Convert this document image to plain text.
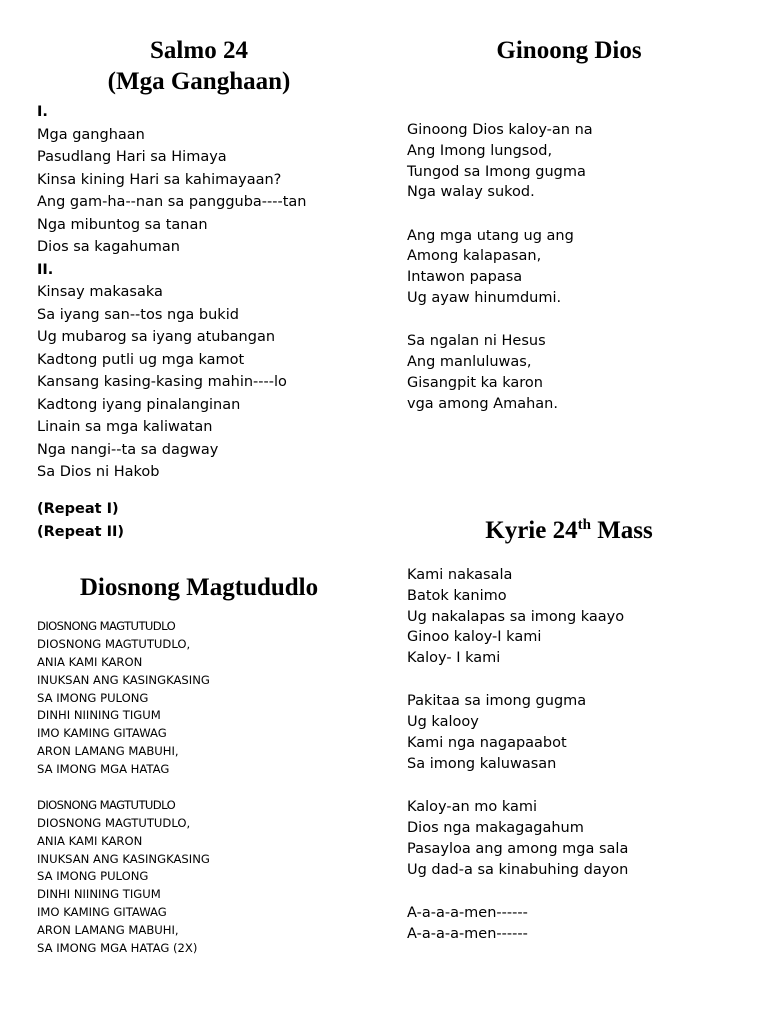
Salmo 24
(Mga Ganghaan)
I.
Mga ganghaan
Pasudlang Hari sa Himaya
Kinsa kining Hari sa kahimayaan?
Ang gam-ha--nan sa pangguba----tan
Nga mibuntog sa tanan
Dios sa kagahuman
II.
Kinsay makasaka
Sa iyang san--tos nga bukid
Ug mubarog sa iyang atubangan
Kadtong putli ug mga kamot
Kansang kasing-kasing mahin----lo
Kadtong iyang pinalanginan
Linain sa mga kaliwatan
Nga nangi--ta sa dagway
Sa Dios ni Hakob
(Repeat I)
(Repeat II)
Ginoong Dios
Ginoong Dios kaloy-an na
Ang Imong lungsod,
Tungod sa Imong gugma
Nga walay sukod.
Ang mga utang ug ang
Among kalapasan,
Intawon papasa
Ug ayaw hinumdumi.
Sa ngalan ni Hesus
Ang manluluwas,
Gisangpit ka karon
vga among Amahan.
Kyrie 24th Mass
Kami nakasala
Batok kanimo
Ug nakalapas sa imong kaayo
Ginoo kaloy-I kami
Kaloy- I kami
Pakitaa sa imong gugma
Ug kalooy
Kami nga nagapaabot
Sa imong kaluwasan
Kaloy-an mo kami
Dios nga makagagahum
Pasayloa ang among mga sala
Ug dad-a sa kinabuhing dayon
A-a-a-a-men------
A-a-a-a-men------
Diosnong Magtududlo
DIOSNONG MAGTUTUDLO
DIOSNONG MAGTUTUDLO,
ANIA KAMI KARON
INUKSAN ANG KASINGKASING
SA IMONG PULONG
DINHI NIINING TIGUM
IMO KAMING GITAWAG
ARON LAMANG MABUHI,
SA IMONG MGA HATAG
DIOSNONG MAGTUTUDLO
DIOSNONG MAGTUTUDLO,
ANIA KAMI KARON
INUKSAN ANG KASINGKASING
SA IMONG PULONG
DINHI NIINING TIGUM
IMO KAMING GITAWAG
ARON LAMANG MABUHI,
SA IMONG MGA HATAG (2X)
